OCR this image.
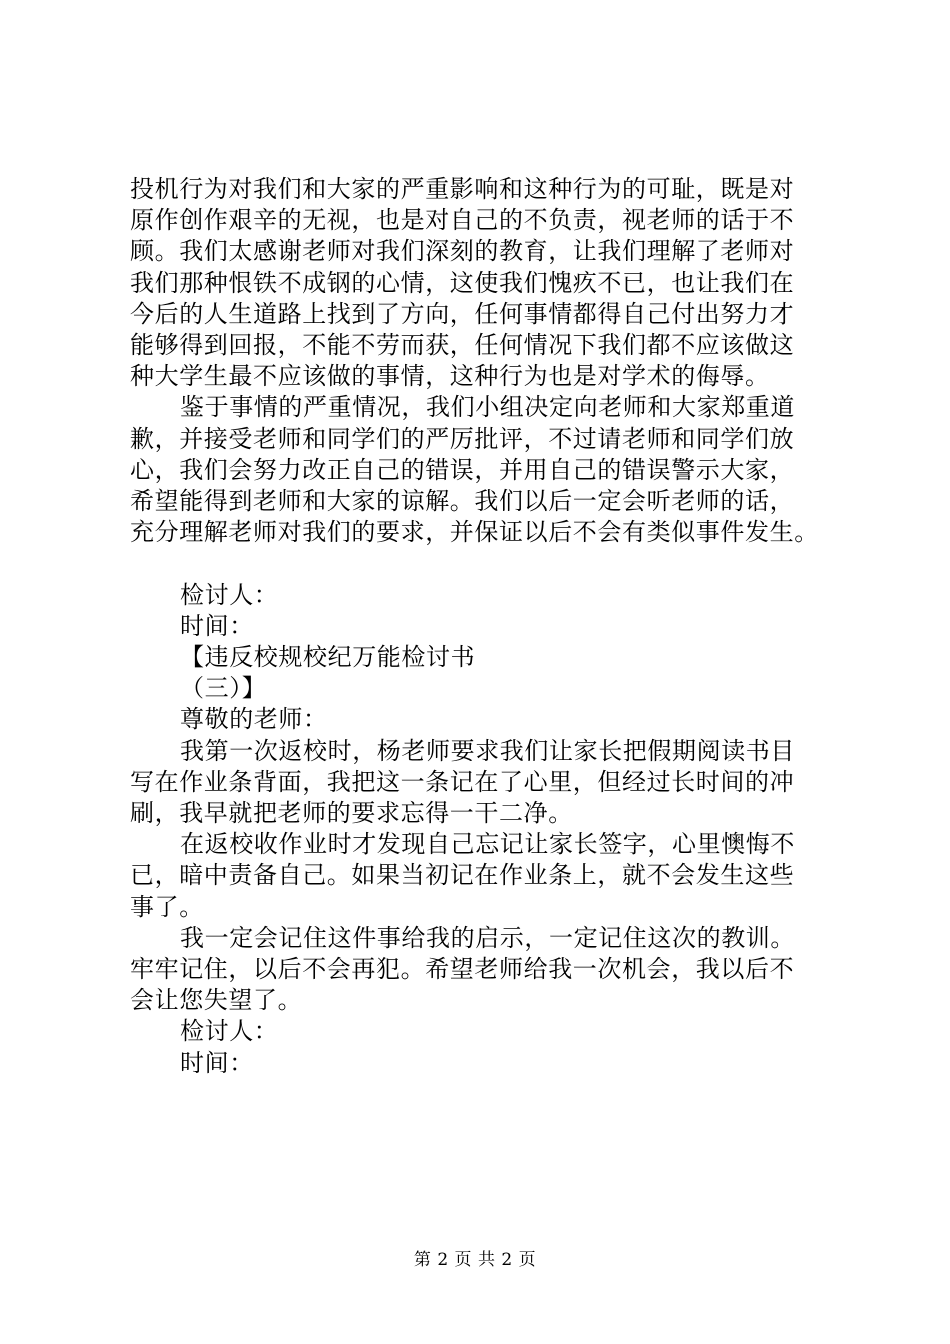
投机行为对我们和大家的严重影响和这种行为的可耻，既是对
原作创作艰辛的无视，也是对自己的不负责，视老师的话于不
顾。我们太感谢老师对我们深刻的教育，让我们理解了老师对
我们那种恨铁不成钢的心情，这使我们愧疚不已，也让我们在
今后的人生道路上找到了方向，任何事情都得自己付出努力才
能够得到回报，不能不劳而获，任何情况下我们都不应该做这
种大学生最不应该做的事情，这种行为也是对学术的侮辱。
鉴于事情的严重情况，我们小组决定向老师和大家郑重道
歉，并接受老师和同学们的严厉批评，不过请老师和同学们放
心，我们会努力改正自己的错误，并用自己的错误警示大家，
希望能得到老师和大家的谅解。我们以后一定会听老师的话，
充分理解老师对我们的要求，并保证以后不会有类似事件发生。
检讨人：
时间：
【违反校规校纪万能检讨书
（三）】
尊敬的老师：
我第一次返校时，杨老师要求我们让家长把假期阅读书目
写在作业条背面，我把这一条记在了心里，但经过长时间的冲
刷，我早就把老师的要求忘得一干二净。
在返校收作业时才发现自己忘记让家长签字，心里懊悔不
已，暗中责备自己。如果当初记在作业条上，就不会发生这些
事了。
我一定会记住这件事给我的启示，一定记住这次的教训。
牢牢记住，以后不会再犯。希望老师给我一次机会，我以后不
会让您失望了。
检讨人：
时间：
第 2 页 共 2 页
